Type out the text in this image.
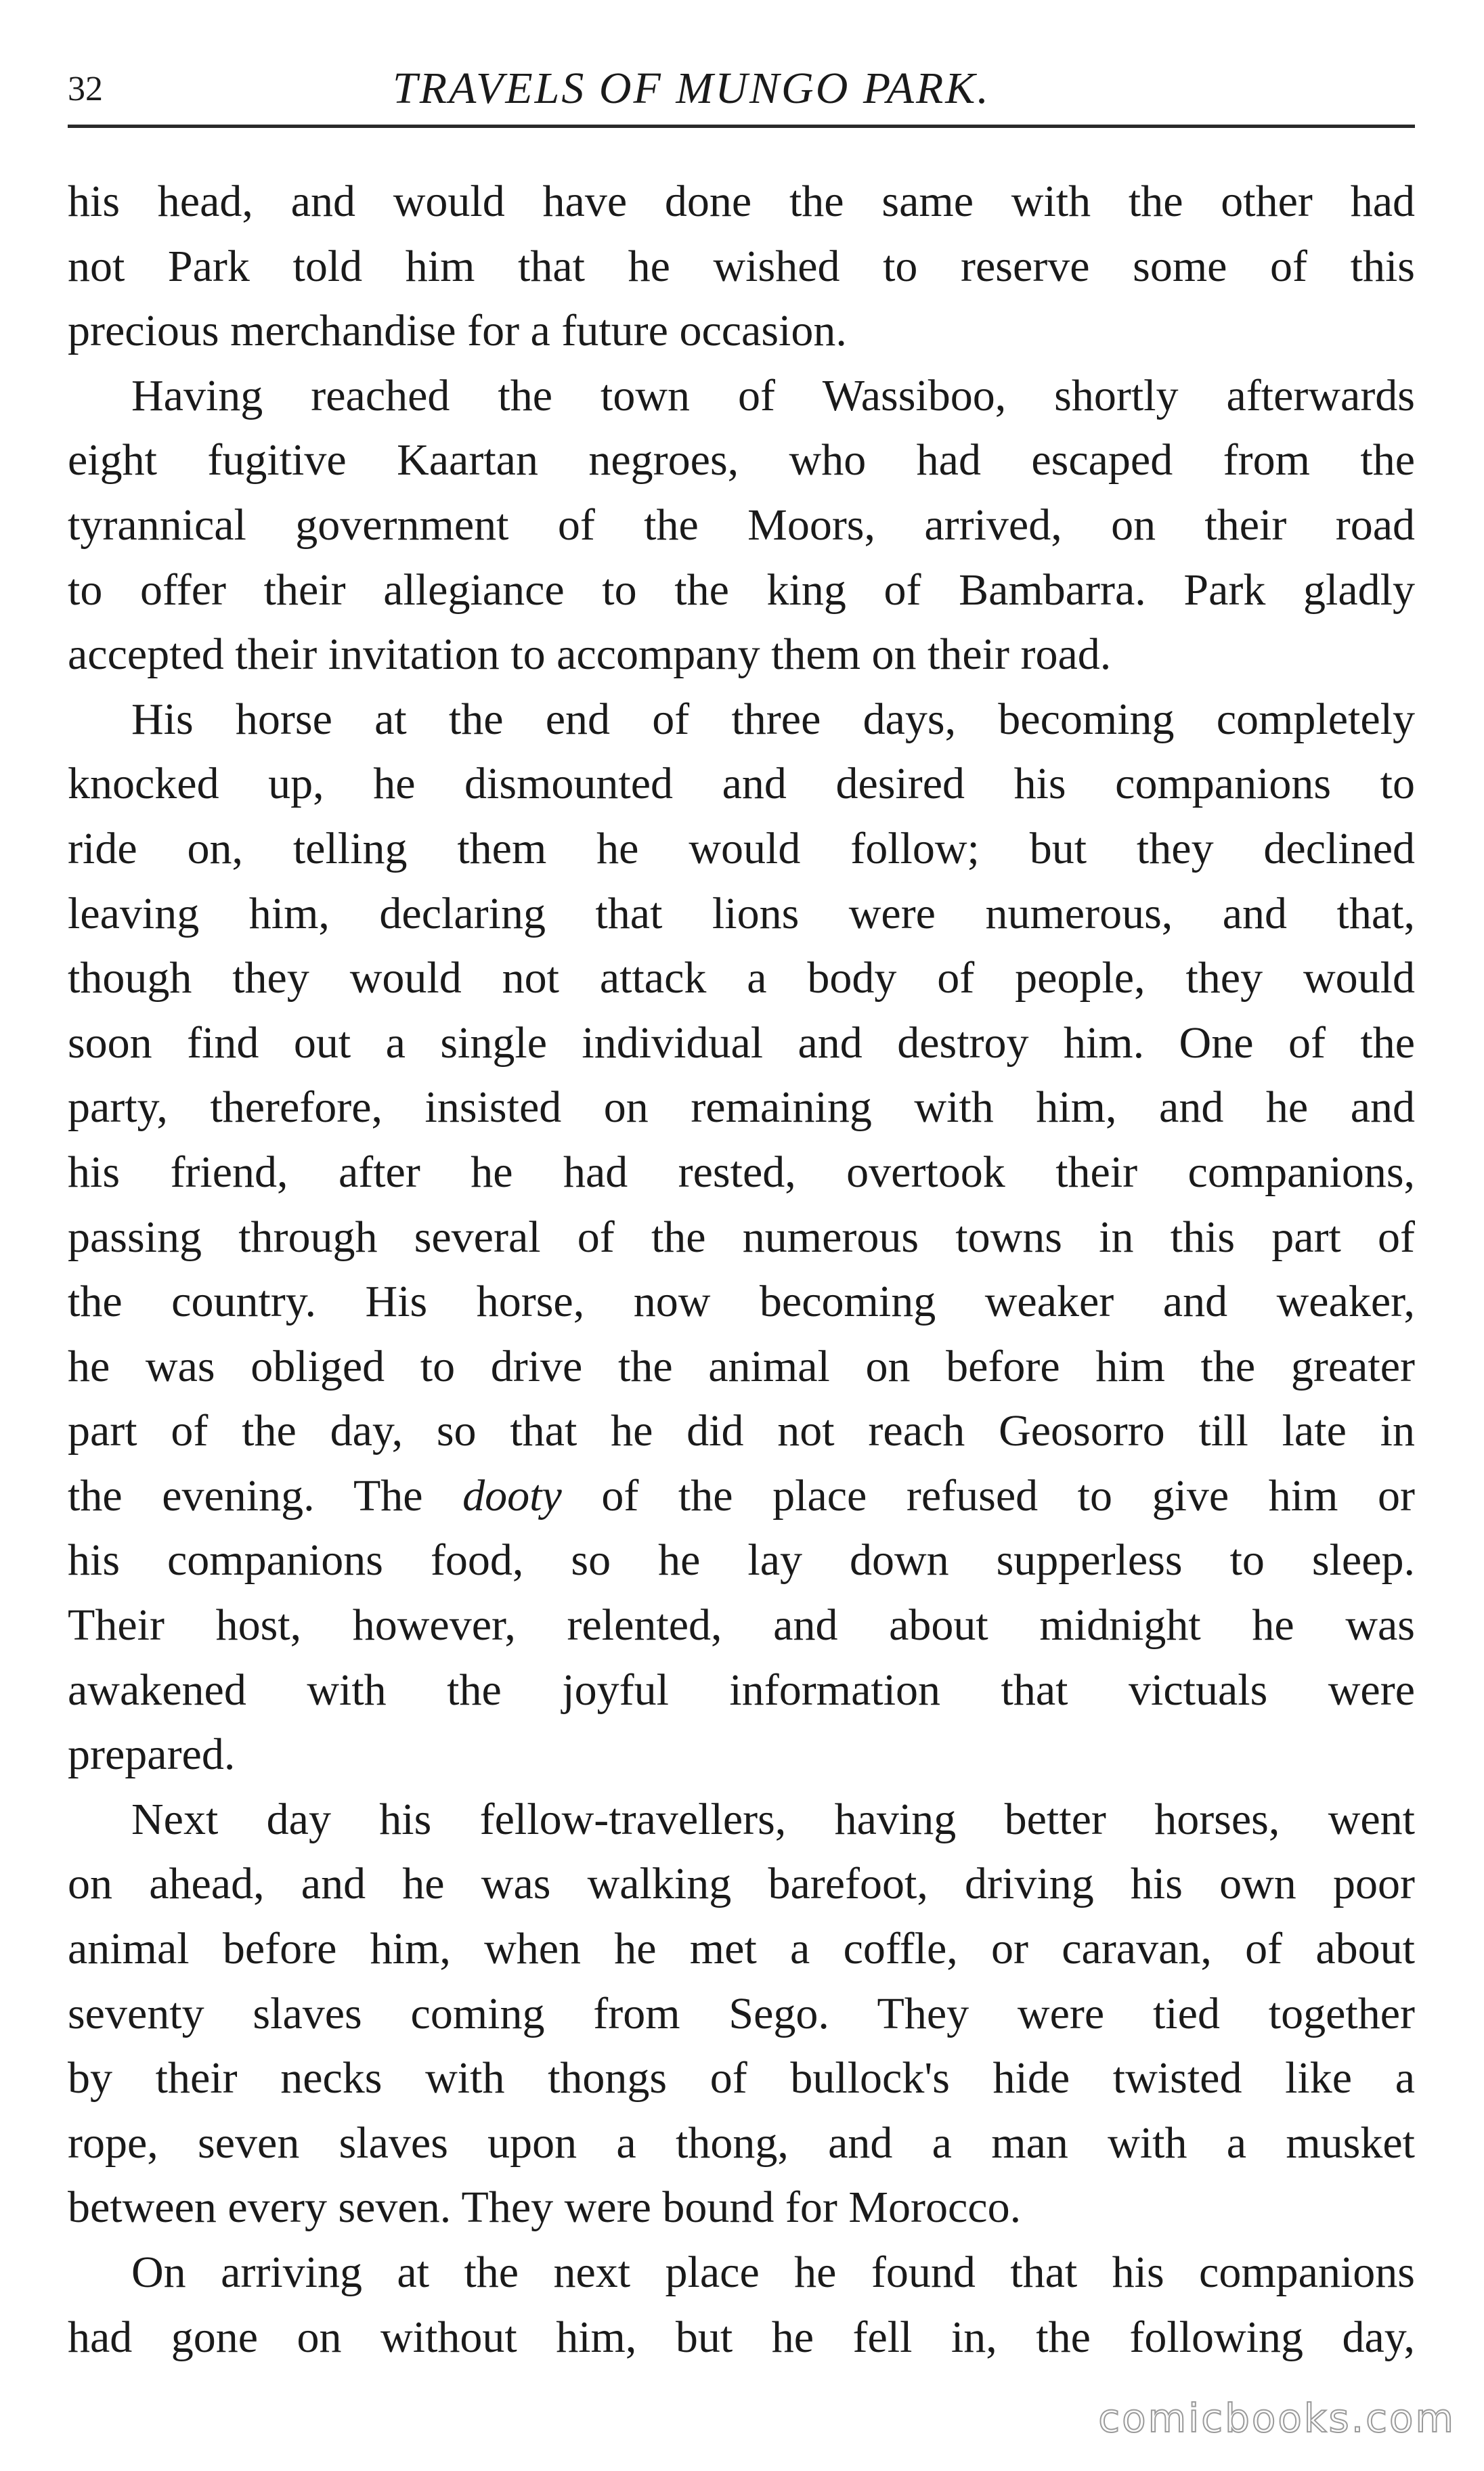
32	TRAVELS OF MUNGO PARK.
his head, and would have done the same with the other had
not Park told him that he wished to reserve some of this
precious merchandise for a future occasion.
Having reached the town of Wassiboo, shortly afterwards
eight fugitive Kaartan negroes, who had escaped from the
tyrannical government of the Moors, arrived, on their road
to offer their allegiance to the king of Bambarra. Park gladly
accepted their invitation to accompany them on their road.
His horse at the end of three days, becoming completely
knocked up, he dismounted and desired his companions to
ride on, telling them he would follow; but they declined
leaving him, declaring that lions were numerous, and that,
though they would not attack a body of people, they would
soon find out a single individual and destroy him. One of the
party, therefore, insisted on remaining with him, and he and
his friend, after he had rested, overtook their companions,
passing through several of the numerous towns in this part of
the country. His horse, now becoming weaker and weaker,
he was obliged to drive the animal on before him the greater
part of the day, so that he did not reach Geosorro till late in
the evening. The dooty of the place refused to give him or
his companions food, so he lay down supperless to sleep.
Their host, however, relented, and about midnight he was
awakened with the joyful information that victuals were
prepared.
Next day his fellow-travellers, having better horses, went
on ahead, and he was walking barefoot, driving his own poor
animal before him, when he met a coffle, or caravan, of about
seventy slaves coming from Sego. They were tied together
by their necks with thongs of bullock's hide twisted like a
rope, seven slaves upon a thong, and a man with a musket
between every seven. They were bound for Morocco.
On arriving at the next place he found that his companions
had gone on without him, but he fell in, the following day,
comicbooks.com
